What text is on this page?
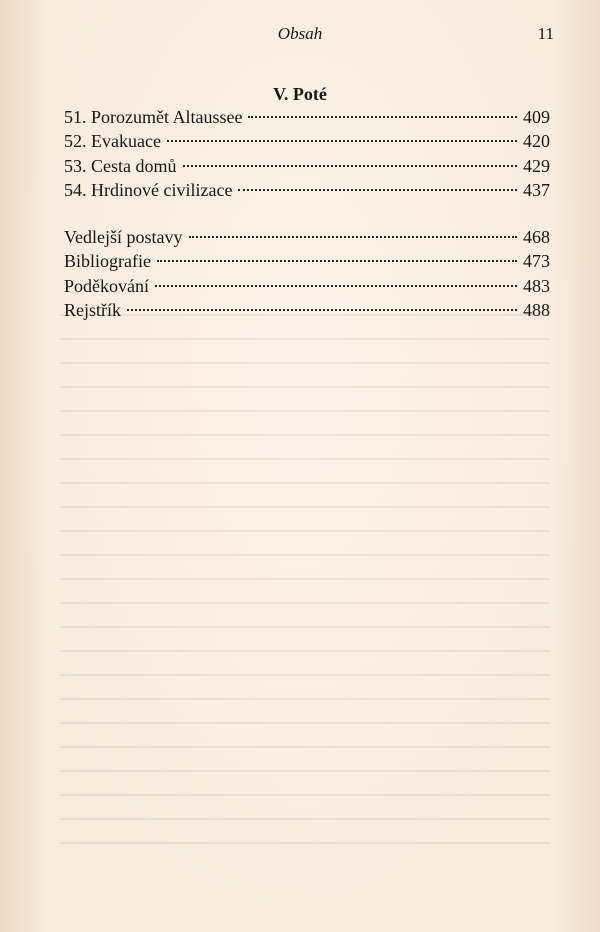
Obsah	11
V. Poté
51. Porozumět Altaussee	409
52. Evakuace	420
53. Cesta domů	429
54. Hrdinové civilizace	437
Vedlejší postavy	468
Bibliografie	473
Poděkování	483
Rejstřík	488
